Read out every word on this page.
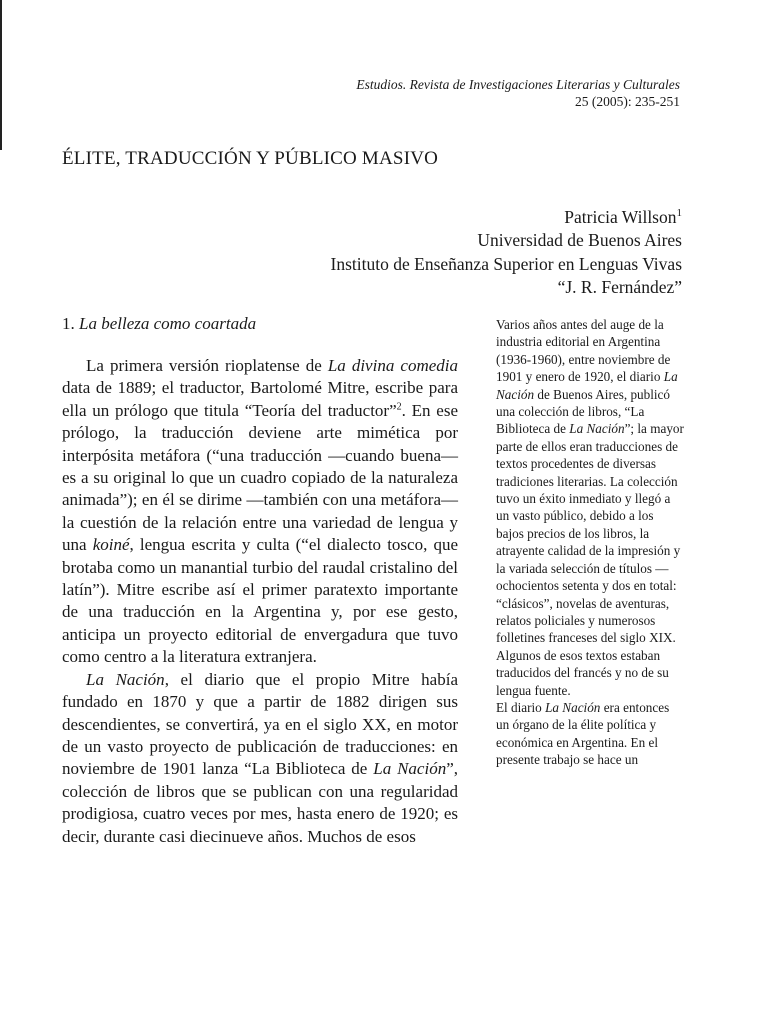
Estudios. Revista de Investigaciones Literarias y Culturales
25 (2005): 235-251
ÉLITE, TRADUCCIÓN Y PÚBLICO MASIVO
Patricia Willson$^1$
Universidad de Buenos Aires
Instituto de Enseñanza Superior en Lenguas Vivas
“J. R. Fernández”
1. La belleza como coartada

La primera versión rioplatense de La divina comedia data de 1889; el traductor, Bartolomé Mitre, escribe para ella un prólogo que titula “Teoría del traductor”$^2$. En ese prólogo, la traducción deviene arte mimética por interpósita metáfora (“una traducción —cuando buena— es a su original lo que un cuadro copiado de la naturaleza animada”); en él se dirime —también con una metáfora— la cuestión de la relación entre una variedad de lengua y una koiné, lengua escrita y culta (“el dialecto tosco, que brotaba como un manantial turbio del raudal cristalino del latín”). Mitre escribe así el primer paratexto importante de una traducción en la Argentina y, por ese gesto, anticipa un proyecto editorial de envergadura que tuvo como centro a la literatura extranjera.

La Nación, el diario que el propio Mitre había fundado en 1870 y que a partir de 1882 dirigen sus descendientes, se convertirá, ya en el siglo XX, en motor de un vasto proyecto de publicación de traducciones: en noviembre de 1901 lanza “La Biblioteca de La Nación”, colección de libros que se publican con una regularidad prodigiosa, cuatro veces por mes, hasta enero de 1920; es decir, durante casi diecinueve años. Muchos de esos

Varios años antes del auge de la industria editorial en Argentina (1936-1960), entre noviembre de 1901 y enero de 1920, el diario La Nación de Buenos Aires, publicó una colección de libros, “La Biblioteca de La Nación”; la mayor parte de ellos eran traducciones de textos procedentes de diversas tradiciones literarias. La colección tuvo un éxito inmediato y llegó a un vasto público, debido a los bajos precios de los libros, la atrayente calidad de la impresión y la variada selección de títulos —ochocientos setenta y dos en total: “clásicos”, novelas de aventuras, relatos policiales y numerosos folletines franceses del siglo XIX. Algunos de esos textos estaban traducidos del francés y no de su lengua fuente.

El diario La Nación era entonces un órgano de la élite política y económica en Argentina. En el presente trabajo se hace un
